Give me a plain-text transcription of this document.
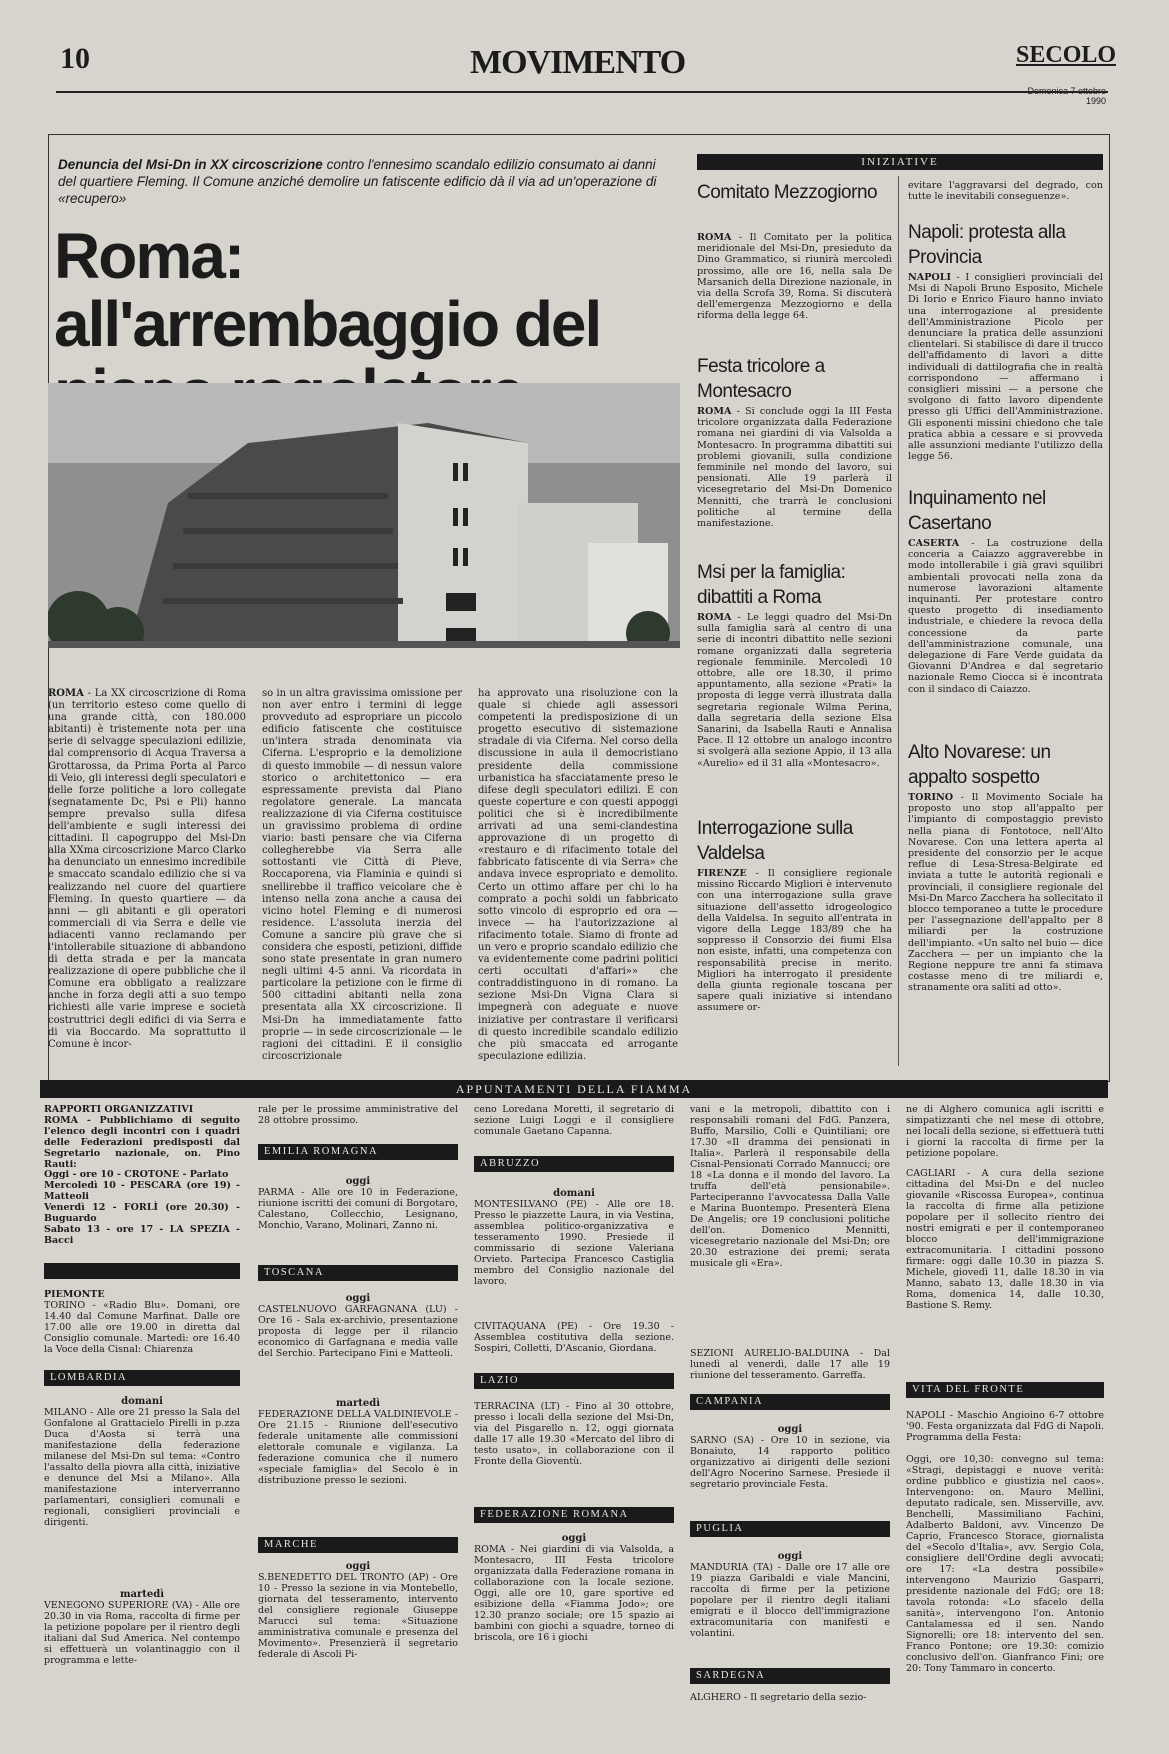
10	MOVIMENTO	SECOLO
1990
Denuncia del Msi-Dn in XX circoscrizione contro l'ennesimo scandalo edilizio consumato ai danni del quartiere Fleming. Il Comune anziché demolire un fatiscente edificio dà il via ad un'operazione di «recupero»
Roma: all'arrembaggio del
ROMA - La XX circoscrizione di Roma (un territorio esteso come quello di una grande città, con 180.000 abitanti) è tristemente nota per una serie di selvagge speculazioni edilizie, dal comprensorio di Acqua Traversa a Grottarossa, da Prima Porta al Parco di Veio, gli interessi degli speculatori e delle forze politiche a loro collegate (segnatamente Dc, Psi e Pli) hanno sempre prevalso sulla difesa dell'ambiente e sugli interessi dei cittadini. Il capogruppo del Msi-Dn alla XXma circoscrizione Marco Clarko ha denunciato un ennesimo incredibile e smaccato scandalo edilizio che si va realizzando nel cuore del quartiere Fleming. In questo quartiere — da anni — gli abitanti e gli operatori commerciali di via Serra e delle vie adiacenti vanno reclamando per l'intollerabile situazione di abbandono di detta strada e per la mancata realizzazione di opere pubbliche che il Comune era obbligato a realizzare anche in forza degli atti a suo tempo richiesti alle varie imprese e società costruttrici degli edifici di via Serra e di via Boccardo. Ma soprattutto il Comune è incor-
so in un altra gravissima omissione per non aver entro i termini di legge provveduto ad espropriare un piccolo edificio fatiscente che costituisce un'intera strada denominata via Ciferna. L'esproprio e la demolizione di questo immobile — di nessun valore storico o architettonico — era espressamente prevista dal Piano regolatore generale. La mancata realizzazione di via Ciferna costituisce un gravissimo problema di ordine viario: basti pensare che via Ciferna collegherebbe via Serra alle sottostanti vie Città di Pieve, Roccaporena, via Flaminia e quindi si snellirebbe il traffico veicolare che è intenso nella zona anche a causa dei vicino hotel Fleming e di numerosi residence. L'assoluta inerzia del Comune a sancire più grave che si considera che esposti, petizioni, diffide sono state presentate in gran numero negli ultimi 4-5 anni. Va ricordata in particolare la petizione con le firme di 500 cittadini abitanti nella zona presentata alla XX circoscrizione. Il Msi-Dn ha immediatamente fatto proprie — in sede circoscrizionale — le ragioni dei cittadini. E il consiglio circoscrizionale
ha approvato una risoluzione con la quale si chiede agli assessori competenti la predisposizione di un progetto esecutivo di sistemazione stradale di via Ciferna. Nel corso della discussione in aula il democristiano presidente della commissione urbanistica ha sfacciatamente preso le difese degli speculatori edilizi. E con queste coperture e con questi appoggi politici che si è incredibilmente arrivati ad una semi-clandestina approvazione di un progetto di «restauro e di rifacimento totale del fabbricato fatiscente di via Serra» che andava invece espropriato e demolito. Certo un ottimo affare per chi lo ha comprato a pochi soldi un fabbricato sotto vincolo di esproprio ed ora — invece — ha l'autorizzazione al rifacimento totale. Siamo di fronte ad un vero e proprio scandalo edilizio che va evidentemente come padrini politici certi occultati d'affari»» che contraddistinguono in di romano. La sezione Msi-Dn Vigna Clara si impegnerà con adeguate e nuove iniziative per contrastare il verificarsi di questo incredibile scandalo edilizio che più smaccata ed arrogante speculazione edilizia.
INIZIATIVE
Comitato Mezzogiorno
ROMA - Il Comitato per la politica meridionale del Msi-Dn, presieduto da Dino Grammatico, si riunirà mercoledì prossimo, alle ore 16, nella sala De Marsanich della Direzione nazionale, in via della Scrofa 39, Roma. Si discuterà dell'emergenza Mezzogiorno e della riforma della legge 64.
Festa tricolore a Montesacro
ROMA - Si conclude oggi la III Festa tricolore organizzata dalla Federazione romana nei giardini di via Valsolda a Montesacro. In programma dibattiti sui problemi giovanili, sulla condizione femminile nel mondo del lavoro, sui pensionati. Alle 19 parlerà il vicesegretario del Msi-Dn Domenico Mennitti, che trarrà le conclusioni politiche al termine della manifestazione.
Msi per la famiglia: dibattiti a Roma
ROMA - Le leggi quadro del Msi-Dn sulla famiglia sarà al centro di una serie di incontri dibattito nelle sezioni romane organizzati dalla segreteria regionale femminile. Mercoledì 10 ottobre, alle ore 18.30, il primo appuntamento, alla sezione «Prati» la proposta di legge verrà illustrata dalla segretaria regionale Wilma Perina, dalla segretaria della sezione Elsa Sanarini, da Isabella Rauti e Annalisa Pace. Il 12 ottobre un analogo incontro si svolgerà alla sezione Appio, il 13 alla «Aurelio» ed il 31 alla «Montesacro».
Interrogazione sulla Valdelsa
FIRENZE - Il consigliere regionale missino Riccardo Migliori è intervenuto con una interrogazione sulla grave situazione dell'assetto idrogeologico della Valdelsa. In seguito all'entrata in vigore della Legge 183/89 che ha soppresso il Consorzio dei fiumi Elsa non esiste, infatti, una competenza con responsabilità precise in merito. Migliori ha interrogato il presidente della giunta regionale toscana per sapere quali iniziative si intendano assumere or-
evitare l'aggravarsi del degrado, con tutte le inevitabili conseguenze».
Napoli: protesta alla Provincia
NAPOLI - I consiglieri provinciali del Msi di Napoli Bruno Esposito, Michele Di Iorio e Enrico Fiauro hanno inviato una interrogazione al presidente dell'Amministrazione Picolo per denunciare la pratica delle assunzioni clientelari. Si stabilisce di dare il trucco dell'affidamento di lavori a ditte individuali di dattilografia che in realtà corrispondono — affermano i consiglieri missini — a persone che svolgono di fatto lavoro dipendente presso gli Uffici dell'Amministrazione. Gli esponenti missini chiedono che tale pratica abbia a cessare e si provveda alle assunzioni mediante l'utilizzo della legge 56.
Inquinamento nel Casertano
CASERTA - La costruzione della conceria a Caiazzo aggraverebbe in modo intollerabile i già gravi squilibri ambientali provocati nella zona da numerose lavorazioni altamente inquinanti. Per protestare contro questo progetto di insediamento industriale, e chiedere la revoca della concessione da parte dell'amministrazione comunale, una delegazione di Fare Verde guidata da Giovanni D'Andrea e dal segretario nazionale Remo Ciocca si è incontrata con il sindaco di Caiazzo.
Alto Novarese: un appalto sospetto
TORINO - Il Movimento Sociale ha proposto uno stop all'appalto per l'impianto di compostaggio previsto nella piana di Fontotoce, nell'Alto Novarese. Con una lettera aperta al presidente del consorzio per le acque reflue di Lesa-Stresa-Belgirate ed inviata a tutte le autorità regionali e provinciali, il consigliere regionale del Msi-Dn Marco Zacchera ha sollecitato il blocco temporaneo a tutte le procedure per l'assegnazione dell'appalto per 8 miliardi per la costruzione dell'impianto. «Un salto nel buio — dice Zacchera — per un impianto che la Regione neppure tre anni fa stimava costasse meno di tre miliardi e, stranamente ora saliti ad otto».
APPUNTAMENTI DELLA FIAMMA
RAPPORTI ORGANIZZATIVI
ROMA - Pubblichiamo di seguito l'elenco degli incontri con i quadri delle Federazioni predisposti dal Segretario nazionale, on. Pino Rauti:
Oggi - ore 10 - CROTONE - Parlato
Mercoledì 10 - PESCARA (ore 19) - Matteoli
Venerdì 12 - FORLÌ (ore 20.30) - Buguardo
Sabato 13 - ore 17 - LA SPEZIA - Bacci
PIEMONTE
TORINO - «Radio Blu». Domani, ore 14.40 dal Comune Marfinat. Dalle ore 17.00 alle ore 19.00 in diretta dal Consiglio comunale. Martedì: ore 16.40 la Voce della Cisnal: Chiarenza
LOMBARDIA
domani
MILANO - Alle ore 21 presso la Sala del Gonfalone al Grattacielo Pirelli in p.zza Duca d'Aosta si terrà una manifestazione della federazione milanese del Msi-Dn sul tema: «Contro l'assalto della piovra alla città, iniziative e denunce del Msi a Milano». Alla manifestazione interverranno parlamentari, consiglieri comunali e regionali, consiglieri provinciali e dirigenti.
martedì
VENEGONO SUPERIORE (VA) - Alle ore 20.30 in via Roma, raccolta di firme per la petizione popolare per il rientro degli italiani dal Sud America. Nel contempo si effettuerà un volantinaggio con il programma e lette-
rale per le prossime amministrative del 28 ottobre prossimo.
EMILIA ROMAGNA
oggi
PARMA - Alle ore 10 in Federazione, riunione iscritti dei comuni di Borgotaro, Calestano, Collecchio, Lesignano, Monchio, Varano, Molinari, Zanno ni.
TOSCANA
oggi
CASTELNUOVO GARFAGNANA (LU) - Ore 16 - Sala ex-archivio, presentazione proposta di legge per il rilancio economico di Garfagnana e media valle del Serchio. Partecipano Fini e Matteoli.
martedì
FEDERAZIONE DELLA VALDINIEVOLE - Ore 21.15 - Riunione dell'esecutivo federale unitamente alle commissioni elettorale comunale e vigilanza. La federazione comunica che il numero «speciale famiglia» del Secolo è in distribuzione presso le sezioni.
MARCHE
oggi
S.BENEDETTO DEL TRONTO (AP) - Ore 10 - Presso la sezione in via Montebello, giornata del tesseramento, intervento del consigliere regionale Giuseppe Marucci sul tema: «Situazione amministrativa comunale e presenza del Movimento». Presenzierà il segretario federale di Ascoli Pi-
ceno Loredana Moretti, il segretario di sezione Luigi Loggi e il consigliere comunale Gaetano Capanna.
ABRUZZO
domani
MONTESILVANO (PE) - Alle ore 18. Presso le piazzette Laura, in via Vestina, assemblea politico-organizzativa e tesseramento 1990. Presiede il commissario di sezione Valeriana Orvieto. Partecipa Francesco Castiglia membro del Consiglio nazionale del lavoro.
CIVITAQUANA (PE) - Ore 19.30 - Assemblea costitutiva della sezione. Sospiri, Colletti, D'Ascanio, Giordana.
LAZIO
TERRACINA (LT) - Fino al 30 ottobre, presso i locali della sezione del Msi-Dn, via del Pisgarello n. 12, oggi giornata dalle 17 alle 19.30 «Mercato del libro di testo usato», in collaborazione con il Fronte della Gioventù.
FEDERAZIONE ROMANA
oggi
ROMA - Nei giardini di via Valsolda, a Montesacro, III Festa tricolore organizzata dalla Federazione romana in collaborazione con la locale sezione. Oggi, alle ore 10, gare sportive ed esibizione della «Fiamma Jodo»; ore 12.30 pranzo sociale; ore 15 spazio ai bambini con giochi a squadre, torneo di briscola, ore 16 i giochi
vani e la metropoli, dibattito con i responsabili romani del FdG. Panzera, Buffo, Marsilio, Colli e Quintiliani; ore 17.30 «Il dramma dei pensionati in Italia». Parlerà il responsabile della Cisnal-Pensionati Corrado Mannucci; ore 18 «La donna e il mondo del lavoro. La truffa dell'età pensionabile». Parteciperanno l'avvocatessa Dalla Valle e Marina Buontempo. Presenterà Elena De Angelis; ore 19 conclusioni politiche dell'on. Domenico Mennitti, vicesegretario nazionale del Msi-Dn; ore 20.30 estrazione dei premi; serata musicale gli «Era».
SEZIONI AURELIO-BALDUINA - Dal lunedì al venerdì, dalle 17 alle 19 riunione del tesseramento. Garreffa.
CAMPANIA
oggi
SARNO (SA) - Ore 10 in sezione, via Bonaiuto, 14 rapporto politico organizzativo ai dirigenti delle sezioni dell'Agro Nocerino Sarnese. Presiede il segretario provinciale Festa.
PUGLIA
oggi
MANDURIA (TA) - Dalle ore 17 alle ore 19 piazza Garibaldi e viale Mancini, raccolta di firme per la petizione popolare per il rientro degli italiani emigrati e il blocco dell'immigrazione extracomunitaria con manifesti e volantini.
SARDEGNA
ALGHERO - Il segretario della sezio-
ne di Alghero comunica agli iscritti e simpatizzanti che nel mese di ottobre, nei locali della sezione, si effettuerà tutti i giorni la raccolta di firme per la petizione popolare.
CAGLIARI - A cura della sezione cittadina del Msi-Dn e del nucleo giovanile «Riscossa Europea», continua la raccolta di firme alla petizione popolare per il sollecito rientro dei nostri emigrati e per il contemporaneo blocco dell'immigrazione extracomunitaria. I cittadini possono firmare: oggi dalle 10.30 in piazza S. Michele, giovedì 11, dalle 18.30 in via Manno, sabato 13, dalle 18.30 in via Roma, domenica 14, dalle 10.30, Bastione S. Remy.
VITA DEL FRONTE
NAPOLI - Maschio Angioino 6-7 ottobre '90. Festa organizzata dal FdG di Napoli. Programma della Festa:
Oggi, ore 10,30: convegno sul tema: «Stragi, depistaggi e nuove verità: ordine pubblico e giustizia nel caos». Intervengono: on. Mauro Mellini, deputato radicale, sen. Misserville, avv. Benchelli, Massimiliano Fachini, Adalberto Baldoni, avv. Vincenzo De Caprio, Francesco Storace, giornalista del «Secolo d'Italia», avv. Sergio Cola, consigliere dell'Ordine degli avvocati; ore 17: «La destra possibile» intervengono Maurizio Gasparri, presidente nazionale del FdG; ore 18: tavola rotonda: «Lo sfacelo della sanità», intervengono l'on. Antonio Cantalamessa ed il sen. Nando Signorelli; ore 18: intervento del sen. Franco Pontone; ore 19.30: comizio conclusivo dell'on. Gianfranco Fini; ore 20: Tony Tammaro in concerto.
